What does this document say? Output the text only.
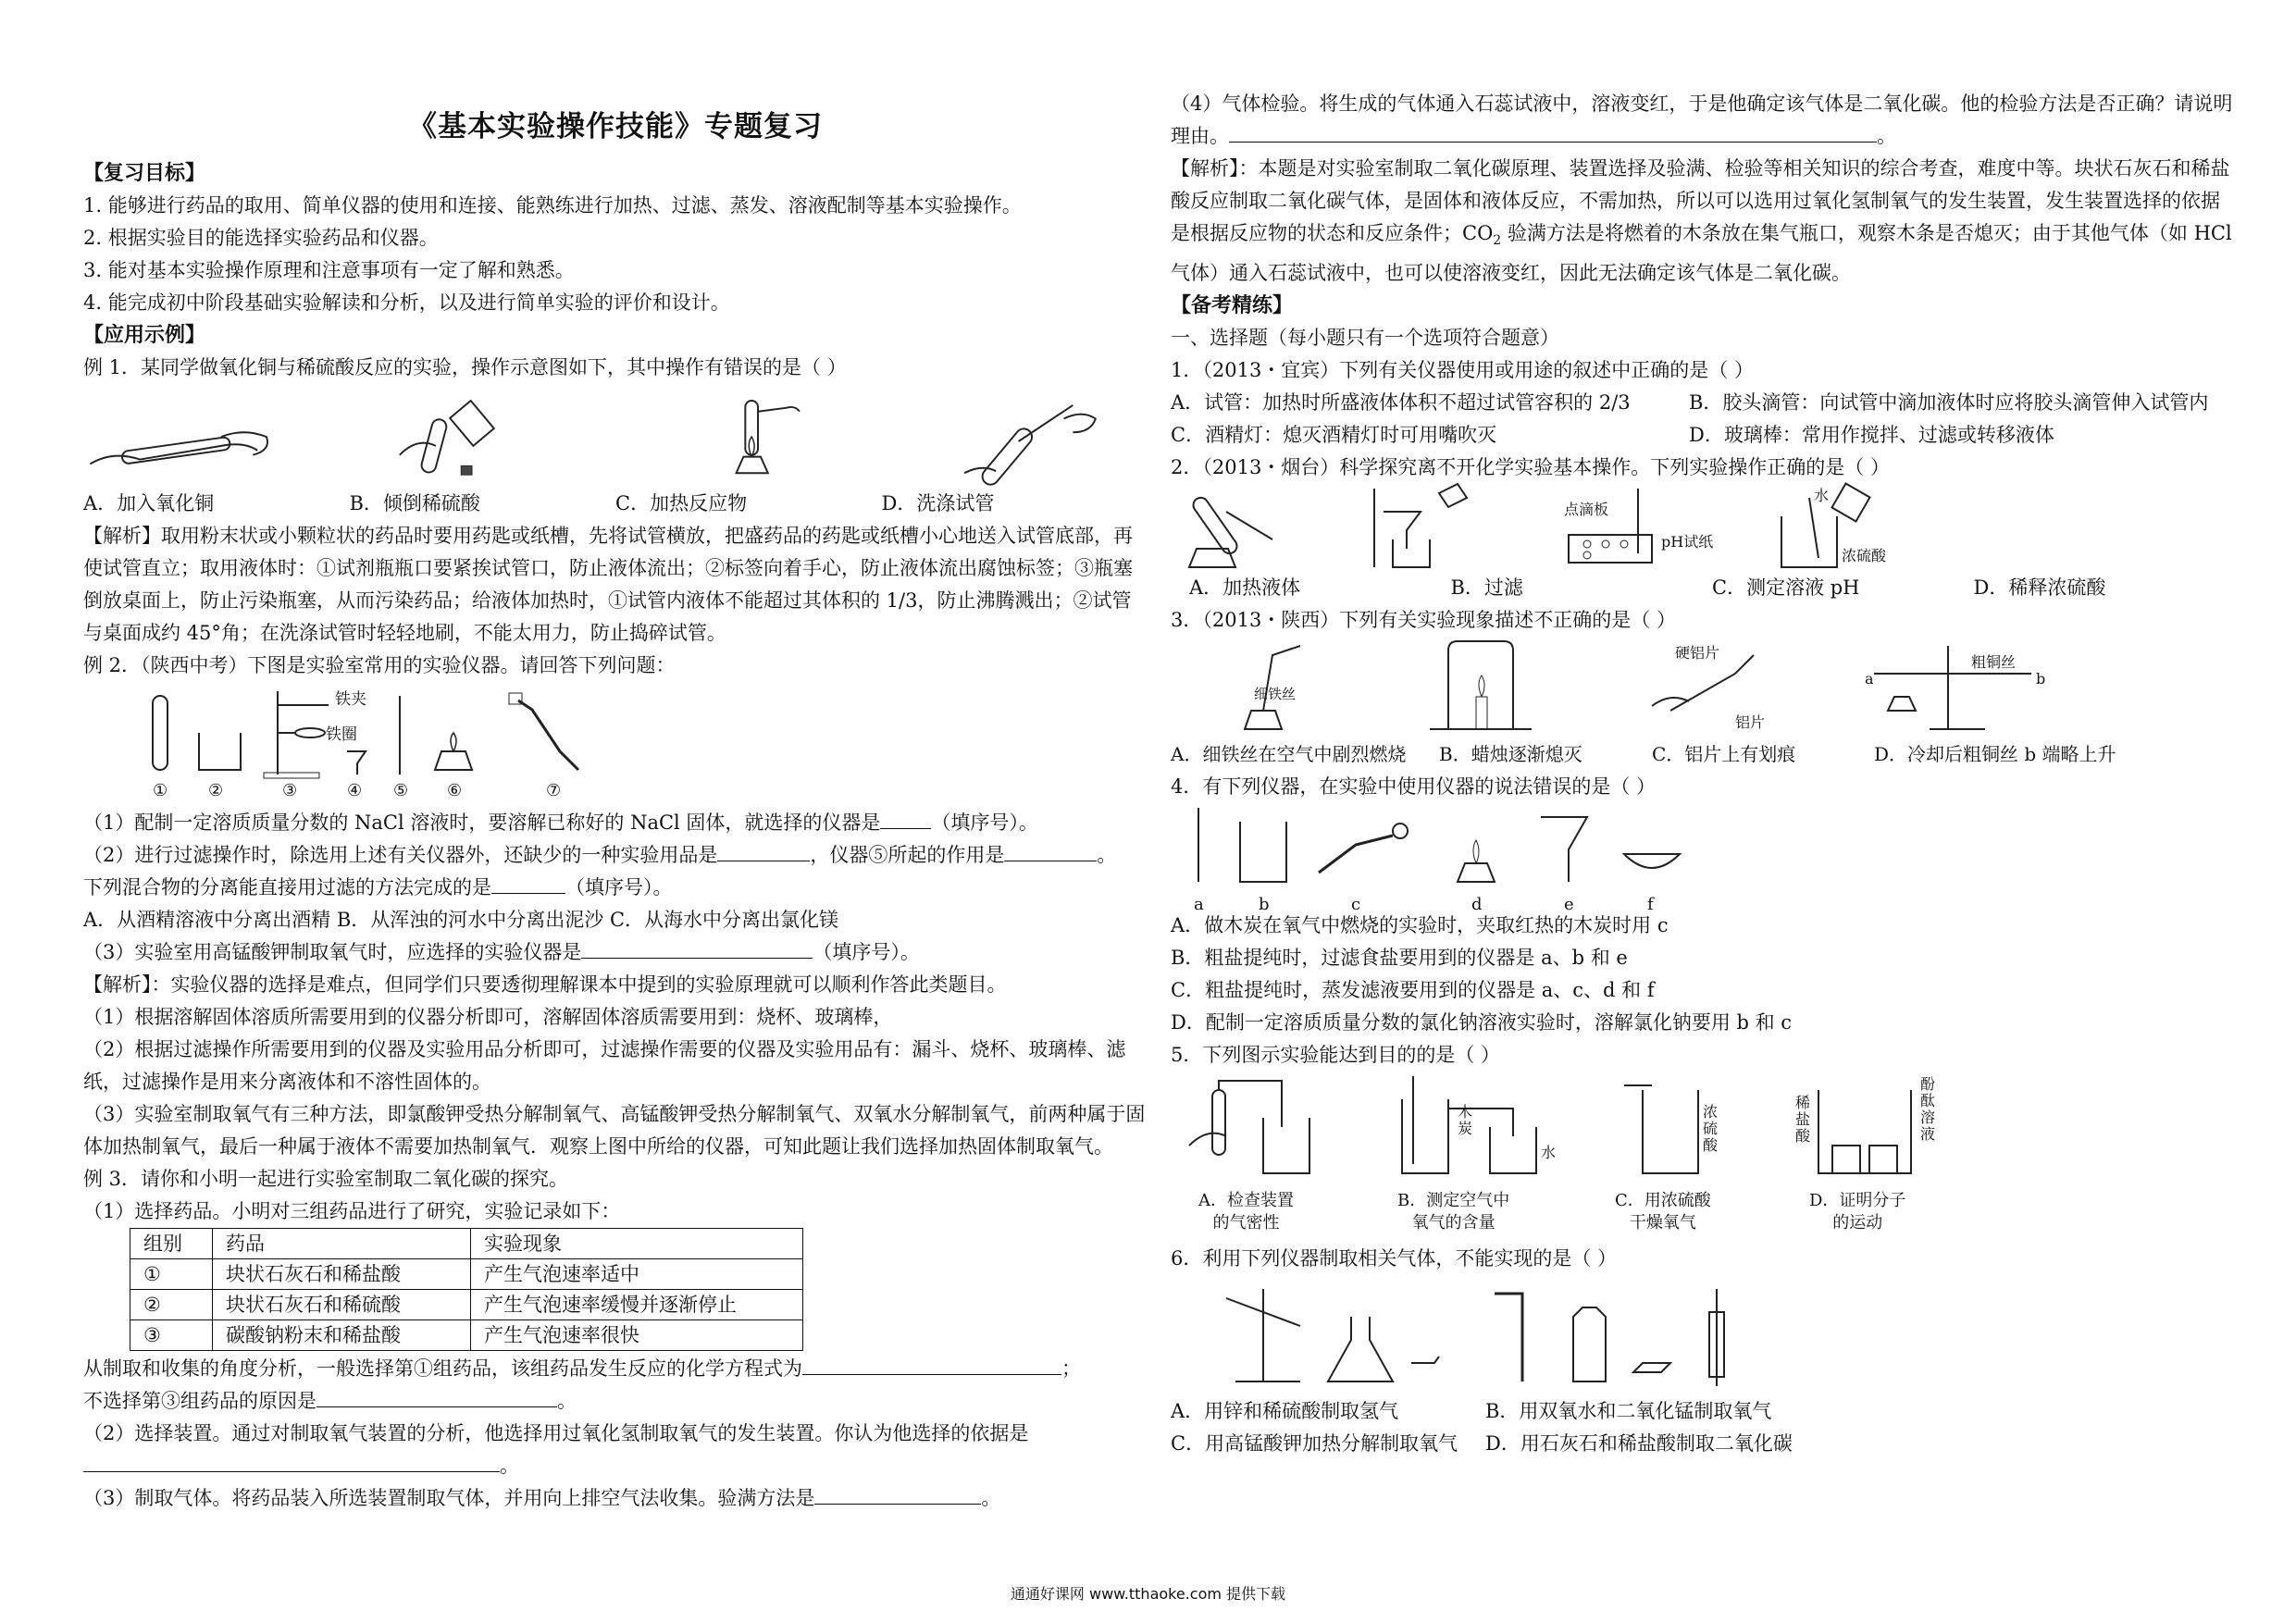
《基本实验操作技能》专题复习

【复习目标】

1. 能够进行药品的取用、简单仪器的使用和连接、能熟练进行加热、过滤、蒸发、溶液配制等基本实验操作。

2. 根据实验目的能选择实验药品和仪器。

3. 能对基本实验操作原理和注意事项有一定了解和熟悉。

4. 能完成初中阶段基础实验解读和分析，以及进行简单实验的评价和设计。

【应用示例】

例 1．某同学做氧化铜与稀硫酸反应的实验，操作示意图如下，其中操作有错误的是（ ）

A．加入氧化铜	B．倾倒稀硫酸	C．加热反应物	D．洗涤试管

【解析】取用粉末状或小颗粒状的药品时要用药匙或纸槽，先将试管横放，把盛药品的药匙或纸槽小心地送入试管底部，再使试管直立；取用液体时：①试剂瓶瓶口要紧挨试管口，防止液体流出；②标签向着手心，防止液体流出腐蚀标签；③瓶塞倒放桌面上，防止污染瓶塞，从而污染药品；给液体加热时，①试管内液体不能超过其体积的 1/3，防止沸腾溅出；②试管与桌面成约 45°角；在洗涤试管时轻轻地刷，不能太用力，防止捣碎试管。

例 2．（陕西中考）下图是实验室常用的实验仪器。请回答下列问题：

铁夹
铁圈
① ②	③	④ ⑤ ⑥	⑦

（1）配制一定溶质质量分数的 NaCl 溶液时，要溶解已称好的 NaCl 固体，就选择的仪器是	（填序号）。

（2）进行过滤操作时，除选用上述有关仪器外，还缺少的一种实验用品是	，仪器⑤所起的作用是	。

下列混合物的分离能直接用过滤的方法完成的是	（填序号）。

A．从酒精溶液中分离出酒精 B．从浑浊的河水中分离出泥沙 C．从海水中分离出氯化镁

（3）实验室用高锰酸钾制取氧气时，应选择的实验仪器是	（填序号）。

【解析】：实验仪器的选择是难点，但同学们只要透彻理解课本中提到的实验原理就可以顺利作答此类题目。

（1）根据溶解固体溶质所需要用到的仪器分析即可，溶解固体溶质需要用到：烧杯、玻璃棒，

（2）根据过滤操作所需要用到的仪器及实验用品分析即可，过滤操作需要的仪器及实验用品有：漏斗、烧杯、玻璃棒、滤纸，过滤操作是用来分离液体和不溶性固体的。

（3）实验室制取氧气有三种方法，即氯酸钾受热分解制氧气、高锰酸钾受热分解制氧气、双氧水分解制氧气，前两种属于固体加热制氧气，最后一种属于液体不需要加热制氧气．观察上图中所给的仪器，可知此题让我们选择加热固体制取氧气。

例 3．请你和小明一起进行实验室制取二氧化碳的探究。

（1）选择药品。小明对三组药品进行了研究，实验记录如下：

组别	药品	实验现象
①	块状石灰石和稀盐酸	产生气泡速率适中
②	块状石灰石和稀硫酸	产生气泡速率缓慢并逐渐停止
③	碳酸钠粉末和稀盐酸	产生气泡速率很快

从制取和收集的角度分析，一般选择第①组药品，该组药品发生反应的化学方程式为	；

不选择第③组药品的原因是	。

（2）选择装置。通过对制取氧气装置的分析，他选择用过氧化氢制取氧气的发生装置。你认为他选择的依据是。

（3）制取气体。将药品装入所选装置制取气体，并用向上排空气法收集。验满方法是	。

（4）气体检验。将生成的气体通入石蕊试液中，溶液变红，于是他确定该气体是二氧化碳。他的检验方法是否正确？请说明理由。	。

【解析】：本题是对实验室制取二氧化碳原理、装置选择及验满、检验等相关知识的综合考查，难度中等。块状石灰石和稀盐酸反应制取二氧化碳气体，是固体和液体反应，不需加热，所以可以选用过氧化氢制氧气的发生装置，发生装置选择的依据是根据反应物的状态和反应条件；$CO_2$ 验满方法是将燃着的木条放在集气瓶口，观察木条是否熄灭；由于其他气体（如 HCl 气体）通入石蕊试液中，也可以使溶液变红，因此无法确定该气体是二氧化碳。

【备考精练】

一、选择题（每小题只有一个选项符合题意）

1．（2013・宜宾）下列有关仪器使用或用途的叙述中正确的是（ ）

A．试管：加热时所盛液体体积不超过试管容积的 2/3	B．胶头滴管：向试管中滴加液体时应将胶头滴管伸入试管内
C．酒精灯：熄灭酒精灯时可用嘴吹灭	D．玻璃棒：常用作搅拌、过滤或转移液体

2．（2013・烟台）科学探究离不开化学实验基本操作。下列实验操作正确的是（ ）

点滴板
pH试纸
水
浓硫酸
A．加热液体	B．过滤	C．测定溶液 pH	D．稀释浓硫酸

3．（2013・陕西）下列有关实验现象描述不正确的是（ ）

细铁丝
硬铝片
铝片
粗铜丝
a	b
A．细铁丝在空气中剧烈燃烧	B．蜡烛逐渐熄灭	C．铝片上有划痕	D．冷却后粗铜丝 b 端略上升

4．有下列仪器，在实验中使用仪器的说法错误的是（ ）

a	b	c	d	e	f

A．做木炭在氧气中燃烧的实验时，夹取红热的木炭时用 c

B．粗盐提纯时，过滤食盐要用到的仪器是 a、b 和 e

C．粗盐提纯时，蒸发滤液要用到的仪器是 a、c、d 和 f

D．配制一定溶质质量分数的氯化钠溶液实验时，溶解氯化钠要用 b 和 c

5．下列图示实验能达到目的的是（ ）

木炭
水
浓硫酸
稀盐酸
酚酞溶液
A．检查装置
的气密性
B．测定空气中
氧气的含量
C．用浓硫酸
干燥氧气
D．证明分子
的运动

6．利用下列仪器制取相关气体，不能实现的是（ ）

A．用锌和稀硫酸制取氢气	B．用双氧水和二氧化锰制取氧气
C．用高锰酸钾加热分解制取氧气	D．用石灰石和稀盐酸制取二氧化碳
通通好课网 www.tthaoke.com 提供下载
